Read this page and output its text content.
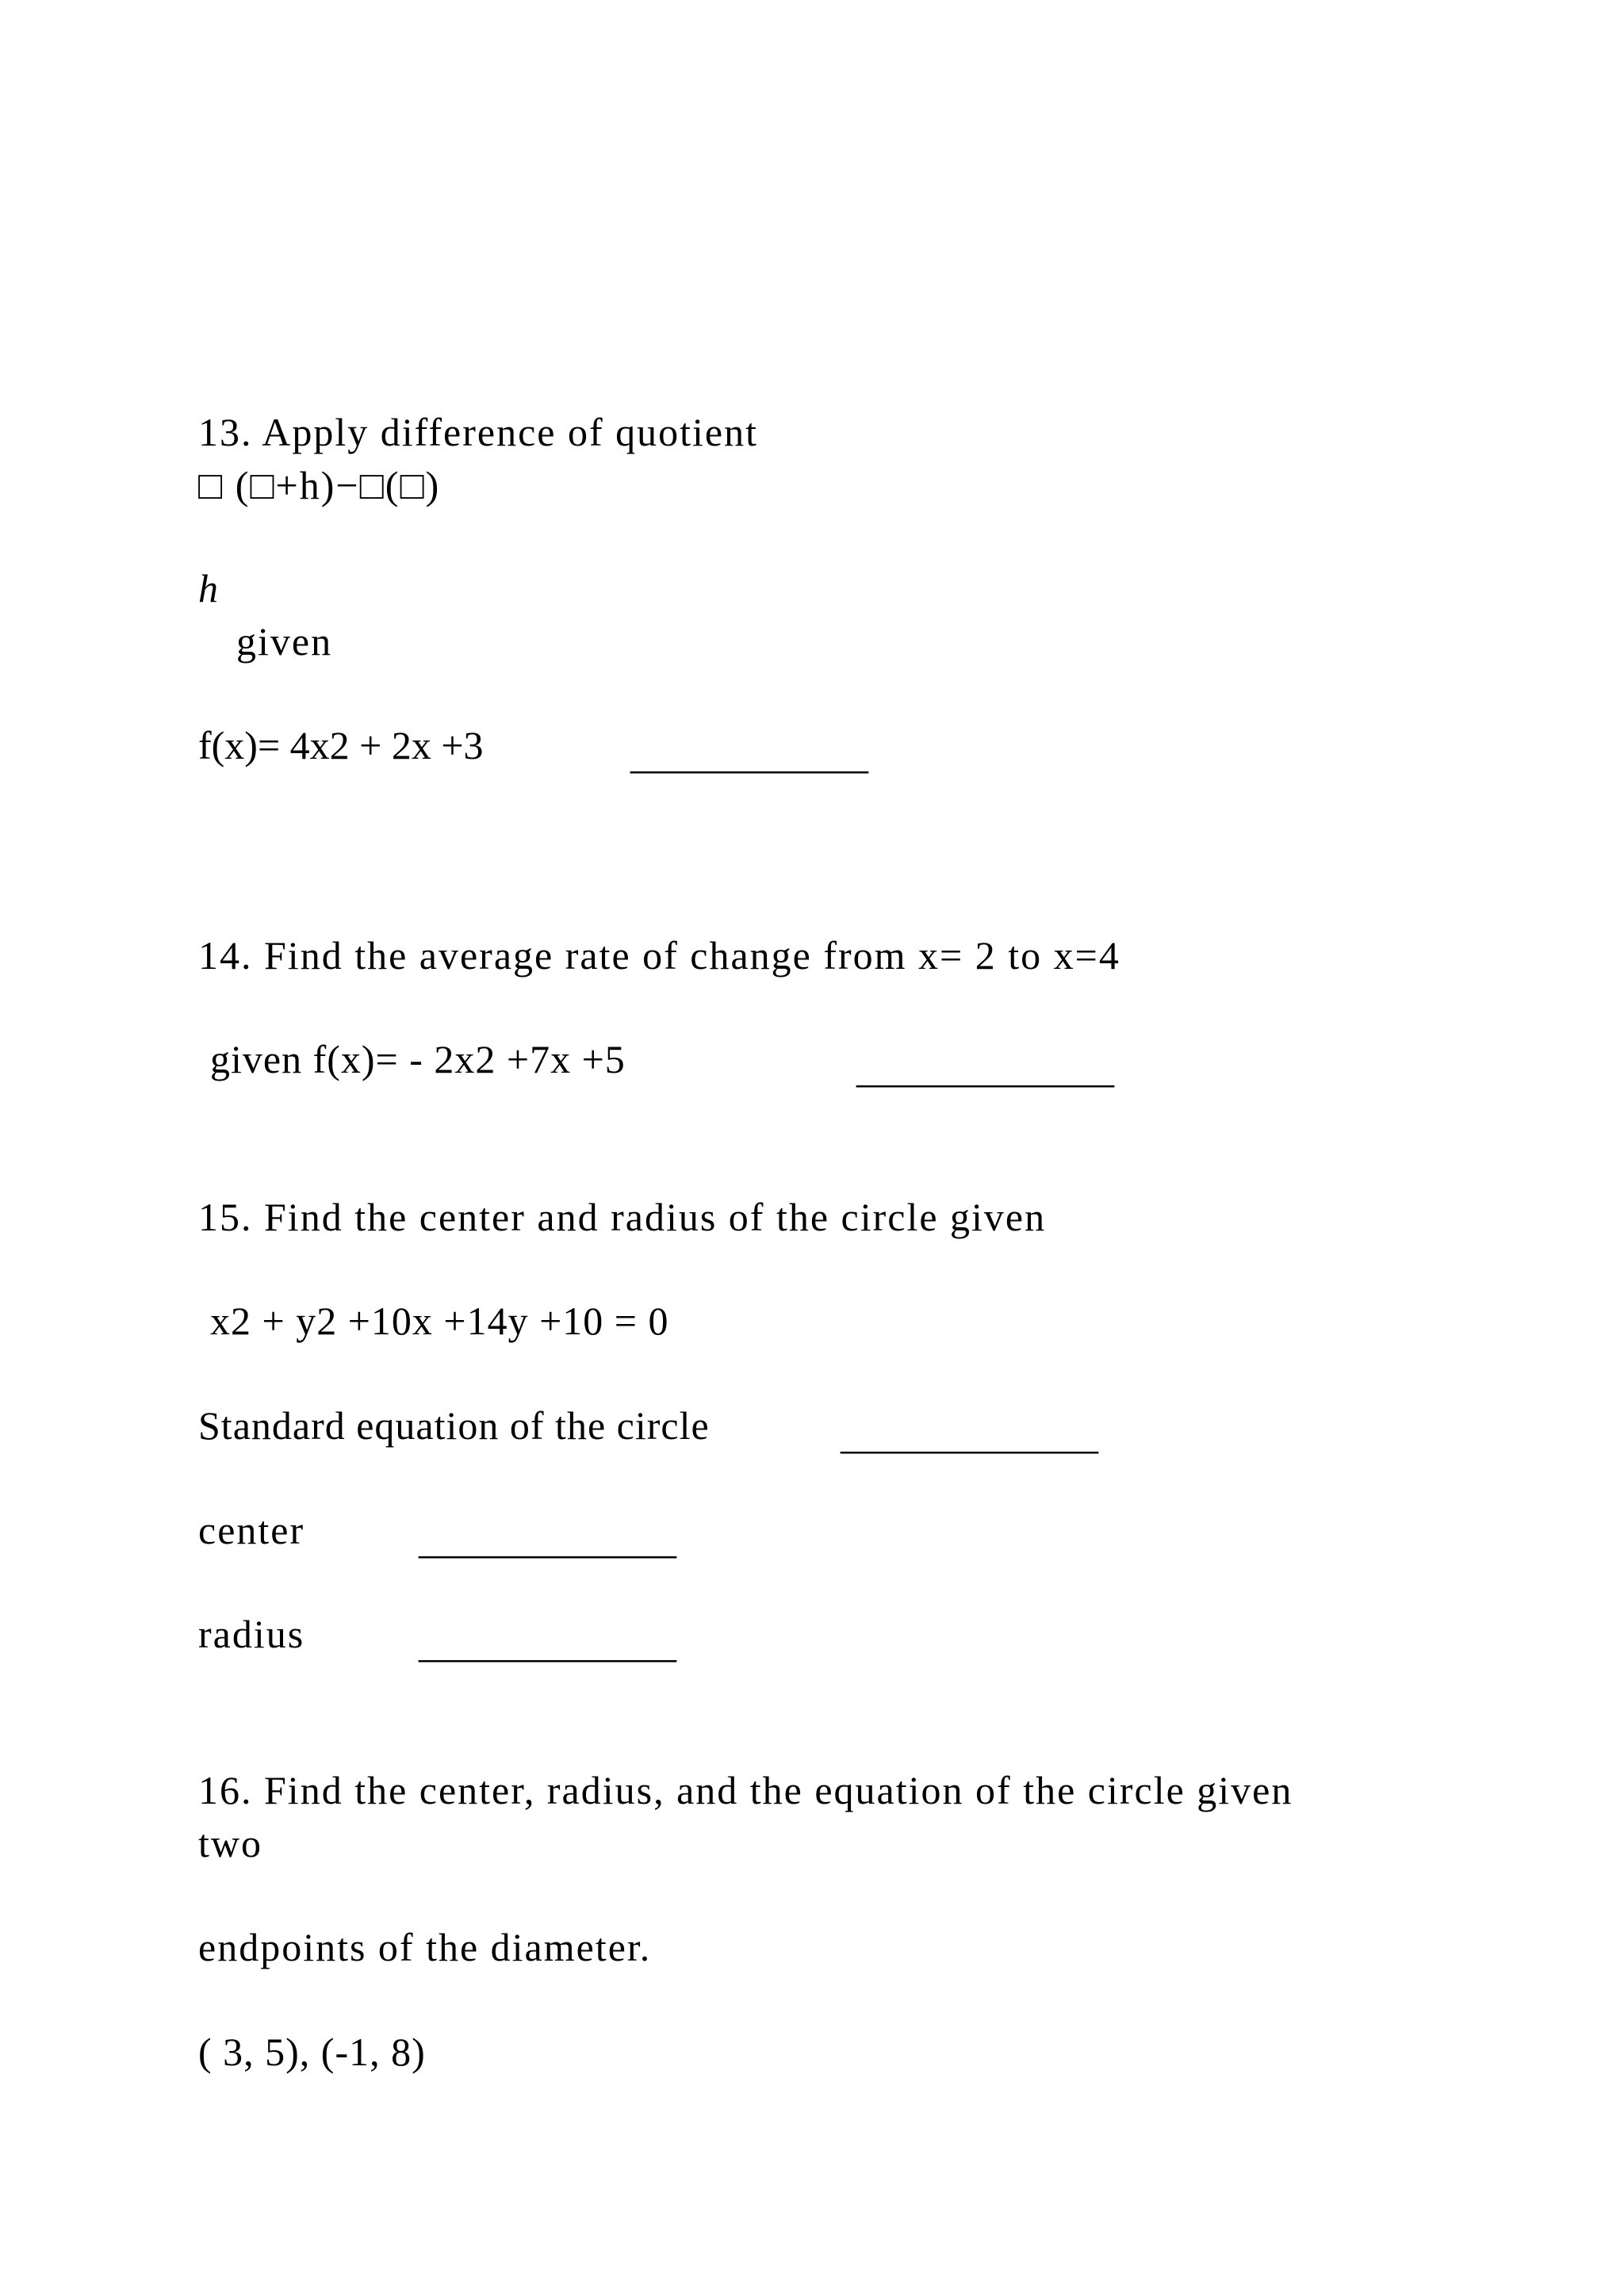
13. Apply difference of quotient
□ (□+h)−□(□)
h
given
f(x)= 4x2 + 2x +3	____________
14. Find the average rate of change from x= 2 to x=4
given f(x)= - 2x2 +7x +5	_____________
15. Find the center and radius of the circle given
x2 + y2 +10x +14y +10 = 0
Standard equation of the circle	_____________
center	_____________
radius	_____________
16. Find the center, radius, and the equation of the circle given
two
endpoints of the diameter.
( 3, 5), (-1, 8)
